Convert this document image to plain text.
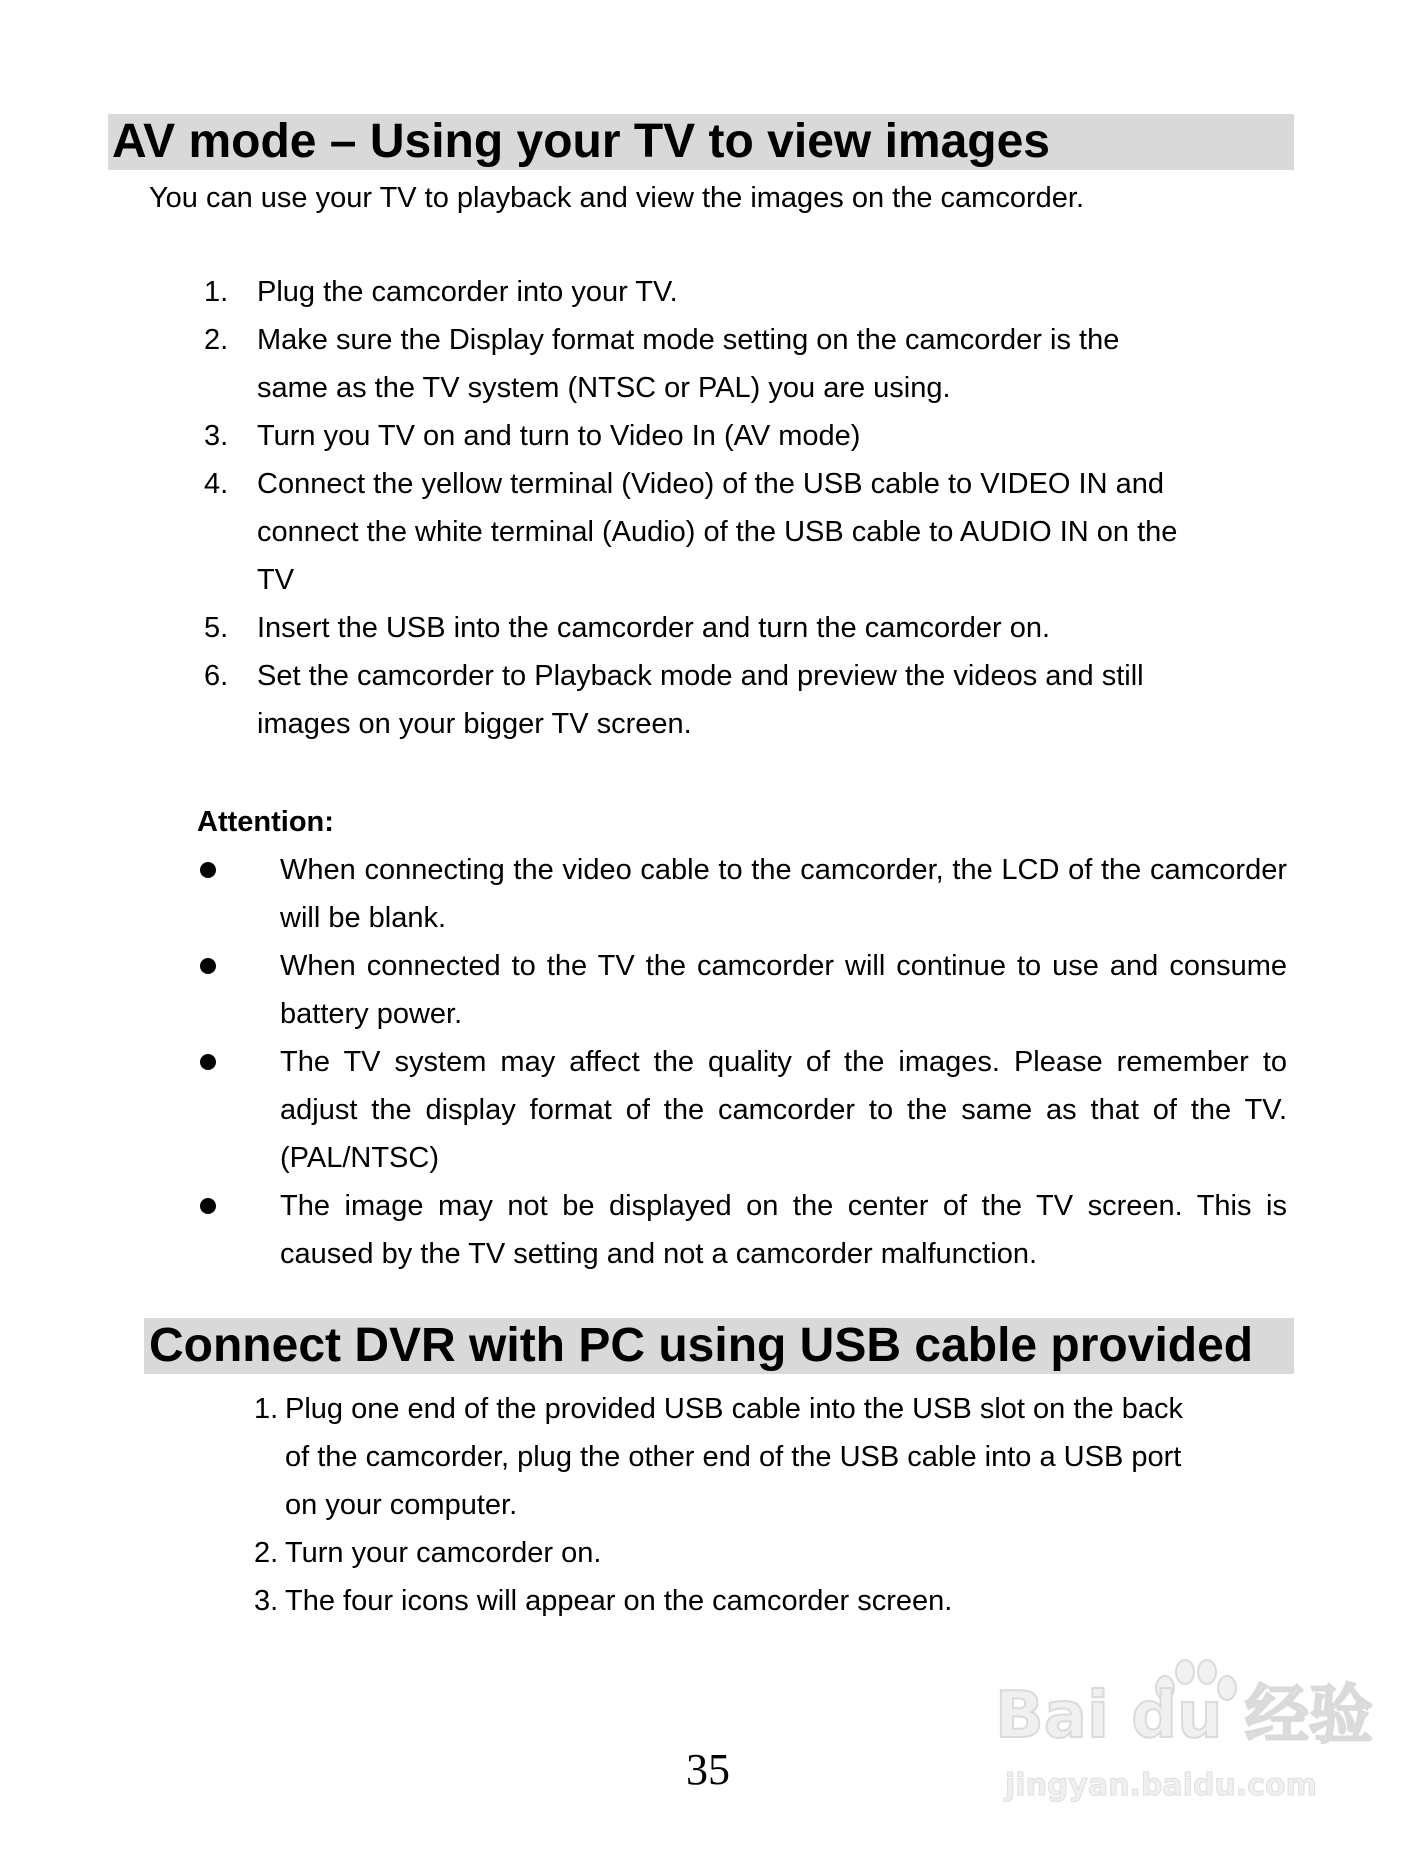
AV mode – Using your TV to view images
You can use your TV to playback and view the images on the camcorder.
1. Plug the camcorder into your TV.
2. Make sure the Display format mode setting on the camcorder is the
same as the TV system (NTSC or PAL) you are using.
3. Turn you TV on and turn to Video In (AV mode)
4. Connect the yellow terminal (Video) of the USB cable to VIDEO IN and
connect the white terminal (Audio) of the USB cable to AUDIO IN on the
TV
5. Insert the USB into the camcorder and turn the camcorder on.
6. Set the camcorder to Playback mode and preview the videos and still
images on your bigger TV screen.
Attention:
When connecting the video cable to the camcorder, the LCD of the camcorder will be blank.
When connected to the TV the camcorder will continue to use and consume battery power.
The TV system may affect the quality of the images. Please remember to adjust the display format of the camcorder to the same as that of the TV. (PAL/NTSC)
The image may not be displayed on the center of the TV screen. This is caused by the TV setting and not a camcorder malfunction.
Connect DVR with PC using USB cable provided
1. Plug one end of the provided USB cable into the USB slot on the back
of the camcorder, plug the other end of the USB cable into a USB port
on your computer.
2. Turn your camcorder on.
3. The four icons will appear on the camcorder screen.
35
Bai du 经验
jingyan.baidu.com
